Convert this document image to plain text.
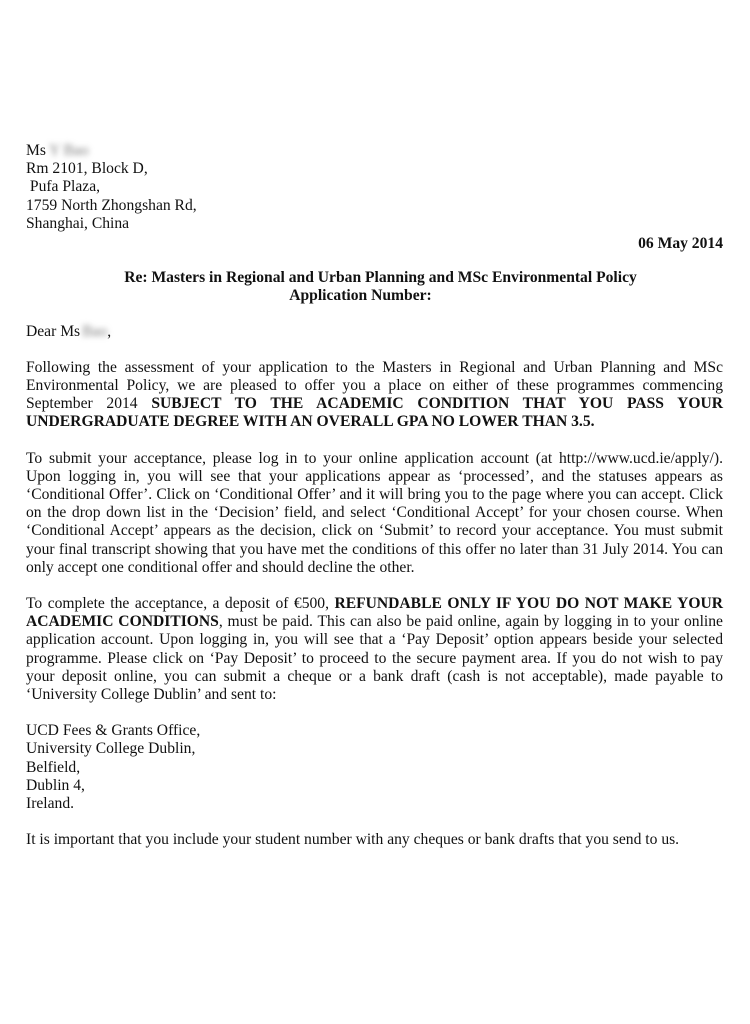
Ms Y Bao
Rm 2101, Block D,
Pufa Plaza,
1759 North Zhongshan Rd,
Shanghai, China
06 May 2014
Re: Masters in Regional and Urban Planning and MSc Environmental Policy
Application Number:
Dear Ms Bao,

Following the assessment of your application to the Masters in Regional and Urban Planning and MSc Environmental Policy, we are pleased to offer you a place on either of these programmes commencing September 2014 SUBJECT TO THE ACADEMIC CONDITION THAT YOU PASS YOUR UNDERGRADUATE DEGREE WITH AN OVERALL GPA NO LOWER THAN 3.5.

To submit your acceptance, please log in to your online application account (at http://www.ucd.ie/apply/). Upon logging in, you will see that your applications appear as ‘processed’, and the statuses appears as ‘Conditional Offer’. Click on ‘Conditional Offer’ and it will bring you to the page where you can accept. Click on the drop down list in the ‘Decision’ field, and select ‘Conditional Accept’ for your chosen course. When ‘Conditional Accept’ appears as the decision, click on ‘Submit’ to record your acceptance. You must submit your final transcript showing that you have met the conditions of this offer no later than 31 July 2014. You can only accept one conditional offer and should decline the other.

To complete the acceptance, a deposit of €500, REFUNDABLE ONLY IF YOU DO NOT MAKE YOUR ACADEMIC CONDITIONS, must be paid. This can also be paid online, again by logging in to your online application account. Upon logging in, you will see that a ‘Pay Deposit’ option appears beside your selected programme. Please click on ‘Pay Deposit’ to proceed to the secure payment area. If you do not wish to pay your deposit online, you can submit a cheque or a bank draft (cash is not acceptable), made payable to ‘University College Dublin’ and sent to:

UCD Fees & Grants Office,
University College Dublin,
Belfield,
Dublin 4,
Ireland.
It is important that you include your student number with any cheques or bank drafts that you send to us.
